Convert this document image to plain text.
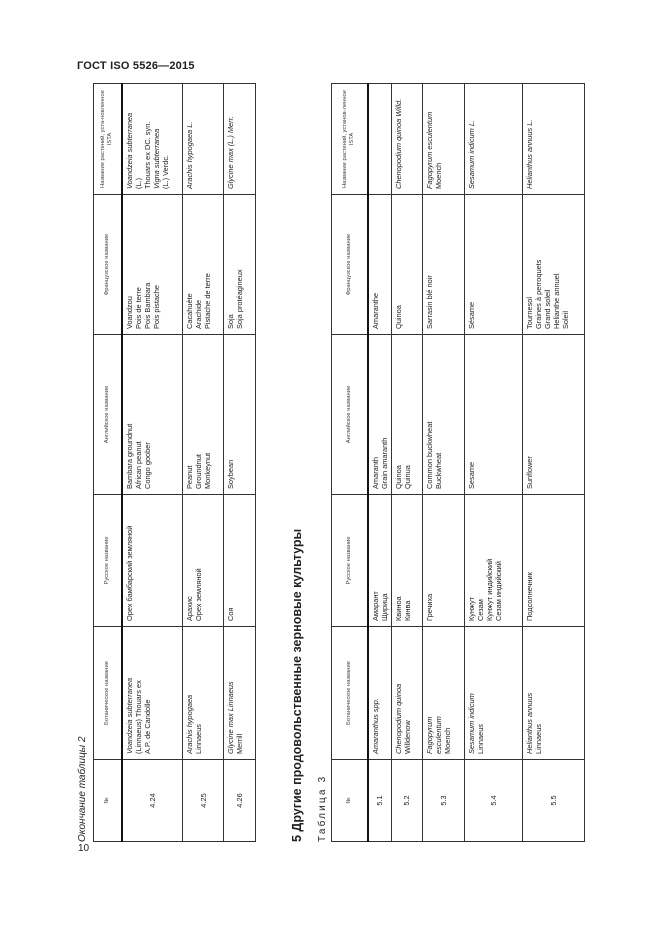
ГОСТ ISO 5526—2015
10
Окончание таблицы 2	№	Ботаническое название	Русское название	Английское название	Французское название	Название растений, уста-новленное ISTA
4.24	Voandzeia subterranea (Linnaeus) Thouars ex A.P. de Candolle	Орех бамбарский земляной	Bambara groundnut African peanut Congo goober	Voandzou Pois de terre Pois Bambara Pois pistache	Voandzeia subterranea (L.) Thouars ex DC. syn. Vigna subterranea (L.) Verdc.

4.25	Arachis hypogaea Linnaeus	Арахис Орех земляной	Peanut Groundnut Monkeynut	Cacahuète Arachide Pistache de terre	Arachis hypogaea L.

4.26	Glycine max Linnaeus Merrill	Соя	Soybean	Soja Soja protéagineux	Glycine max (L.) Merr.
5 Другие продовольственные зерновые культуры Таблица 3	№	Ботаническое название	Русское название	Английское название	Французское название	Название растений, установ-ленное ISTA
5.1	Amaranthus spp.	Амарант Щирица	Amaranth Grain amaranth	Amaranthe	

5.2	Chenopodium quinoa Willdenow	Квиноа Кинва	Quinoa Quinua	Quinoa	Chenopodium quinoa Willd.

5.3	Fagopyrum esculentum Moench	Гречиха	Common buckwheat Buckwheat	Sarrasin blé noir	Fagopyrum esculentum Moench

5.4	Sesamum indicum Linnaeus	Кунжут Сезам Кунжут индийский Сезам индийский	Sesame	Sésame	Sesamum indicum L.

5.5	Helianthus annuus Linnaeus	Подсолнечник	Sunflower	Tournesol Graines à perroquets Grand soleil Helianthe annuel Soleil	Helianthus annuus L.
